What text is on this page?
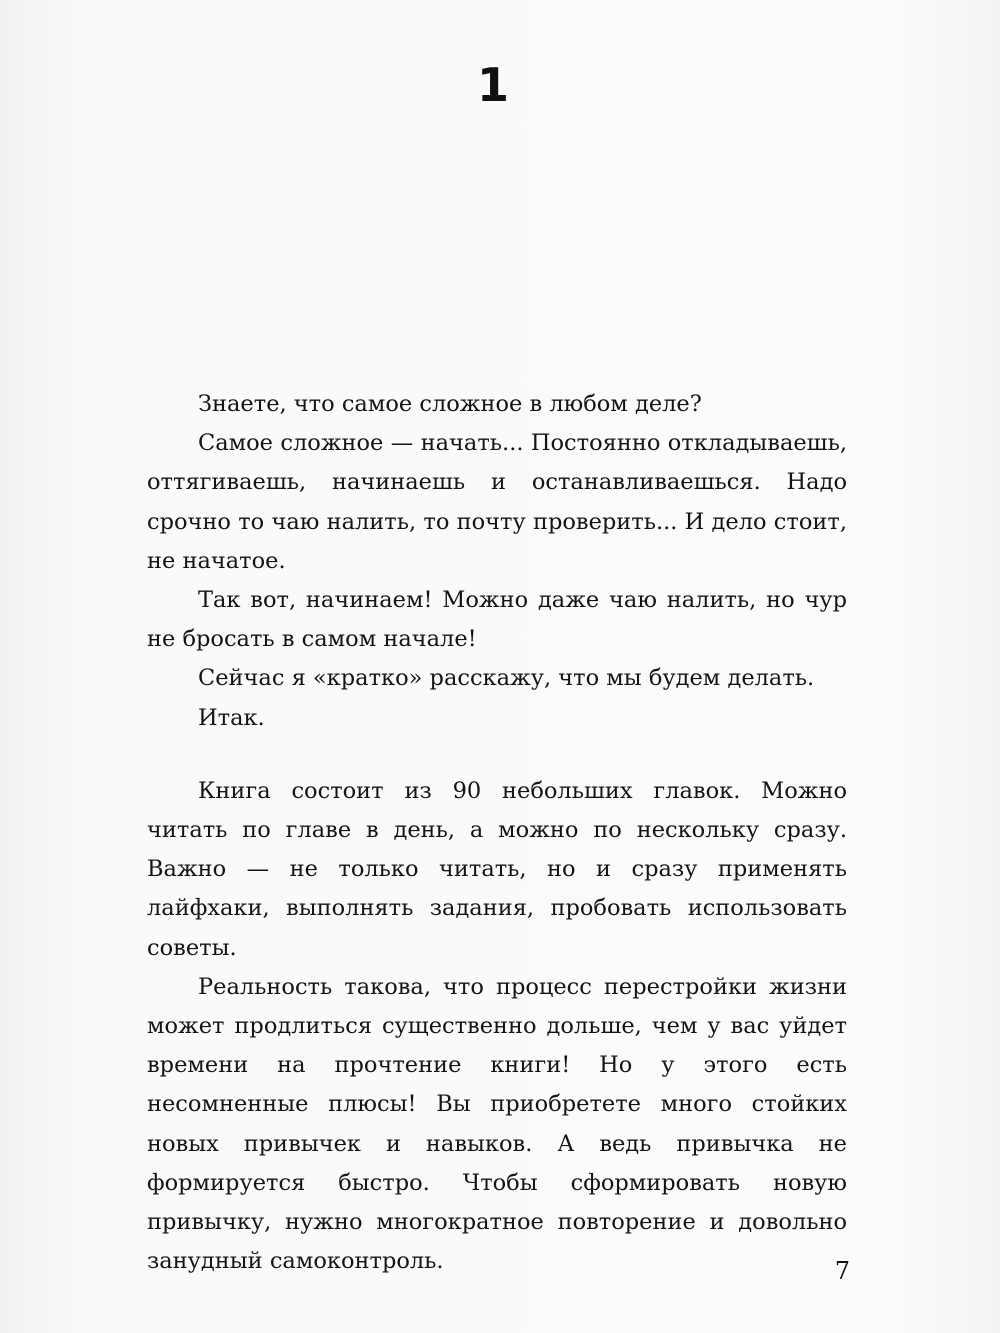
1

Знаете, что самое сложное в любом деле?

Самое сложное — начать... Постоянно откладываешь, оттягиваешь, начинаешь и останавливаешься. Надо срочно то чаю налить, то почту проверить... И дело стоит, не начатое.

Так вот, начинаем! Можно даже чаю налить, но чур не бросать в самом начале!

Сейчас я «кратко» расскажу, что мы будем делать.

Итак.

Книга состоит из 90 небольших главок. Можно читать по главе в день, а можно по нескольку сразу. Важно — не только читать, но и сразу применять лайфхаки, выполнять задания, пробовать использовать советы.

Реальность такова, что процесс перестройки жизни может продлиться существенно дольше, чем у вас уйдет времени на прочтение книги! Но у этого есть несомненные плюсы! Вы приобретете много стойких новых привычек и навыков. А ведь привычка не формируется быстро. Чтобы сформировать новую привычку, нужно многократное повторение и довольно занудный самоконтроль.	7
